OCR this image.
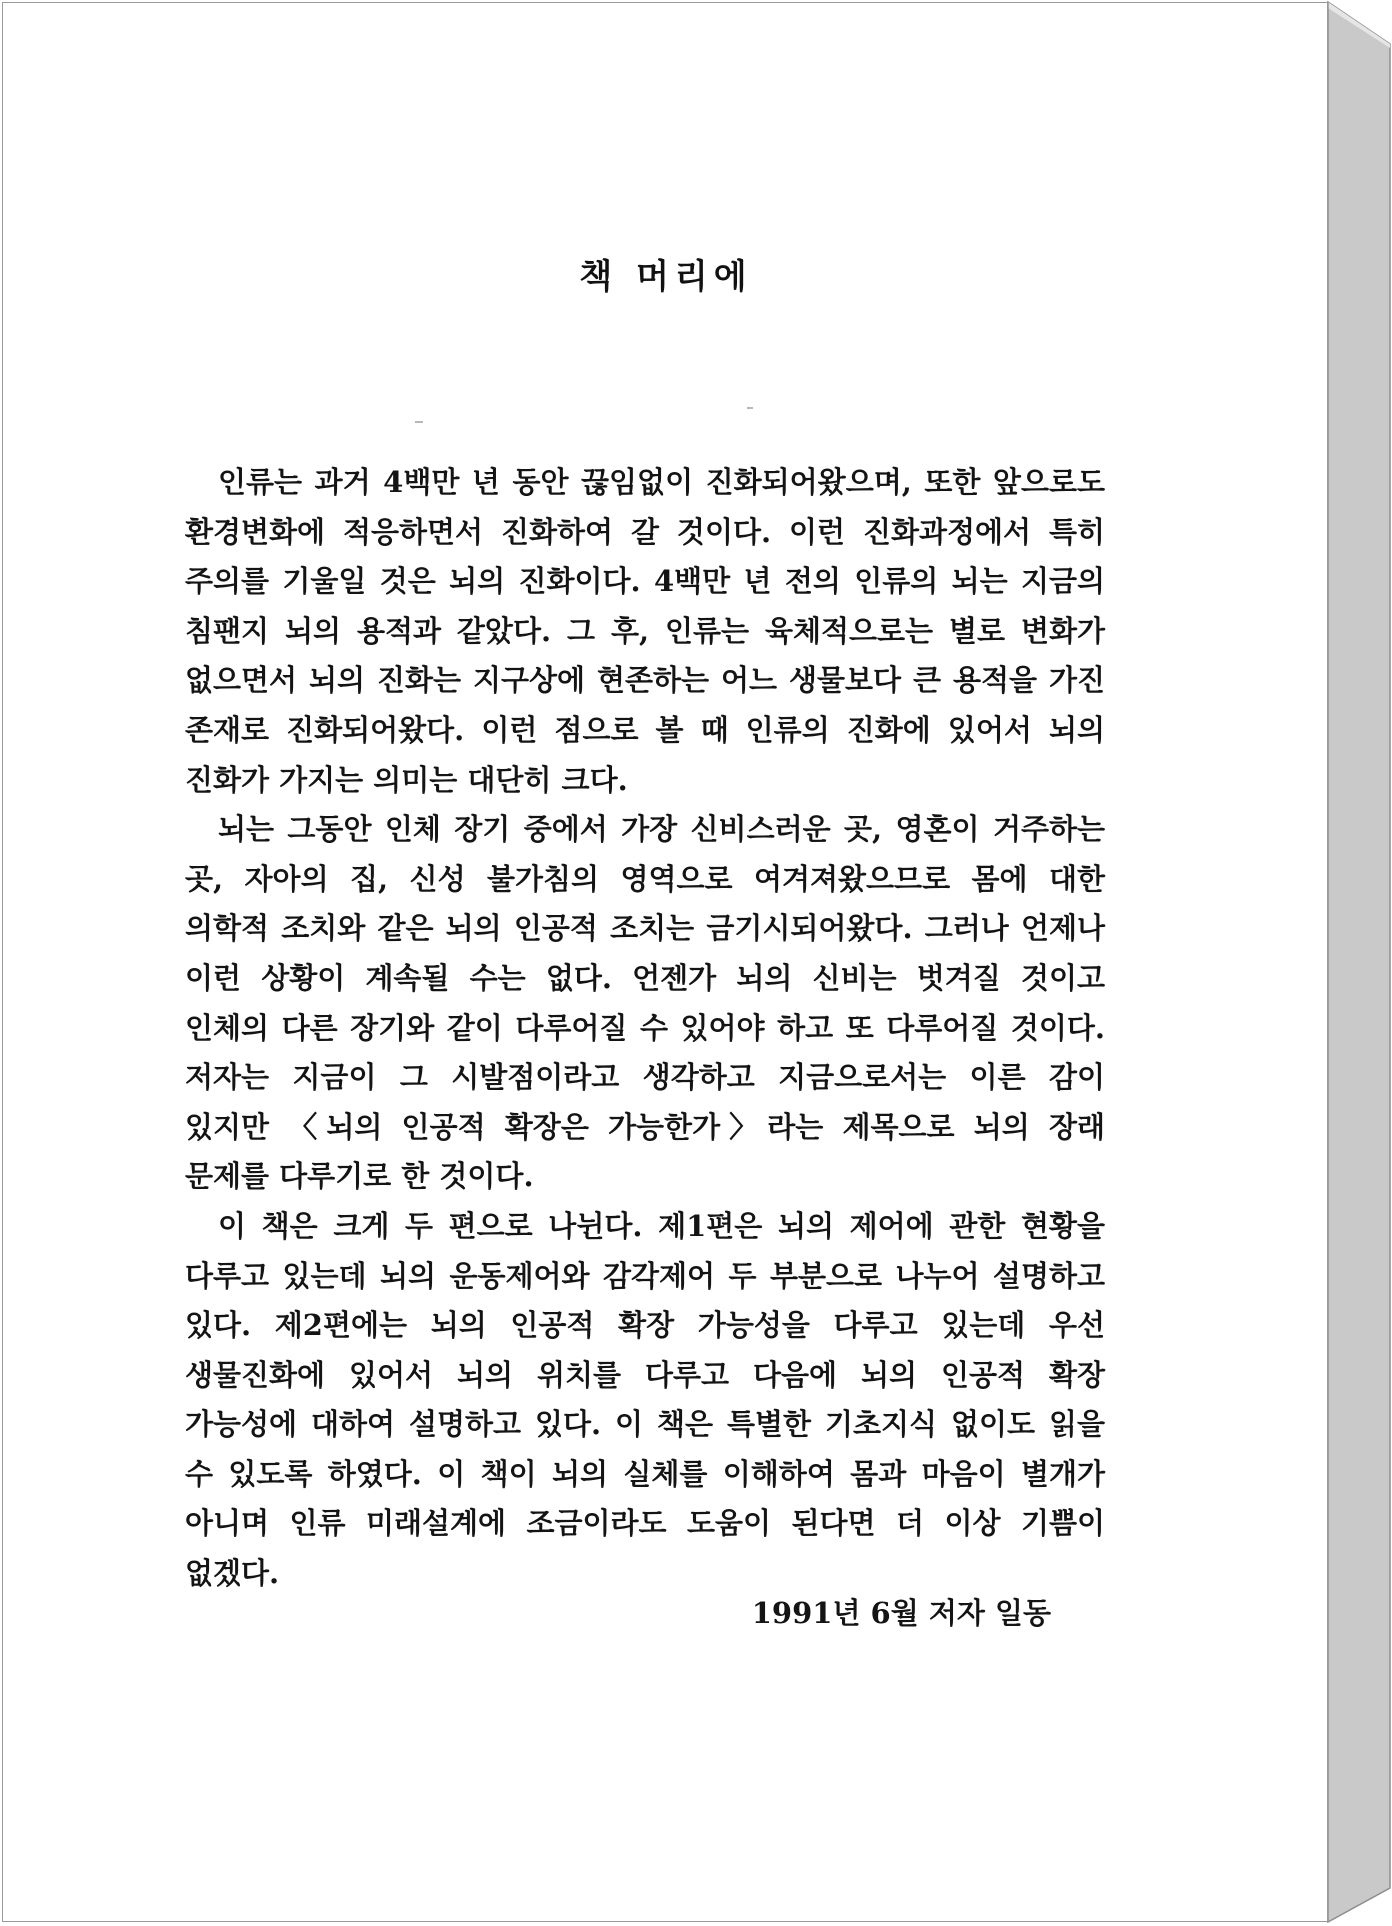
책 머리에

인류는 과거 4백만 년 동안 끊임없이 진화되어왔으며, 또한 앞으로도 환경변화에 적응하면서 진화하여 갈 것이다. 이런 진화과정에서 특히 주의를 기울일 것은 뇌의 진화이다. 4백만 년 전의 인류의 뇌는 지금의 침팬지 뇌의 용적과 같았다. 그 후, 인류는 육체적으로는 별로 변화가 없으면서 뇌의 진화는 지구상에 현존하는 어느 생물보다 큰 용적을 가진 존재로 진화되어왔다. 이런 점으로 볼 때 인류의 진화에 있어서 뇌의 진화가 가지는 의미는 대단히 크다.

뇌는 그동안 인체 장기 중에서 가장 신비스러운 곳, 영혼이 거주하는 곳, 자아의 집, 신성 불가침의 영역으로 여겨져왔으므로 몸에 대한 의학적 조치와 같은 뇌의 인공적 조치는 금기시되어왔다. 그러나 언제나 이런 상황이 계속될 수는 없다. 언젠가 뇌의 신비는 벗겨질 것이고 인체의 다른 장기와 같이 다루어질 수 있어야 하고 또 다루어질 것이다. 저자는 지금이 그 시발점이라고 생각하고 지금으로서는 이른 감이 있지만 〈뇌의 인공적 확장은 가능한가〉라는 제목으로 뇌의 장래 문제를 다루기로 한 것이다.

이 책은 크게 두 편으로 나뉜다. 제1편은 뇌의 제어에 관한 현황을 다루고 있는데 뇌의 운동제어와 감각제어 두 부분으로 나누어 설명하고 있다. 제2편에는 뇌의 인공적 확장 가능성을 다루고 있는데 우선 생물진화에 있어서 뇌의 위치를 다루고 다음에 뇌의 인공적 확장 가능성에 대하여 설명하고 있다. 이 책은 특별한 기초지식 없이도 읽을 수 있도록 하였다. 이 책이 뇌의 실체를 이해하여 몸과 마음이 별개가 아니며 인류 미래설계에 조금이라도 도움이 된다면 더 이상 기쁨이 없겠다.

1991년 6월 저자 일동
